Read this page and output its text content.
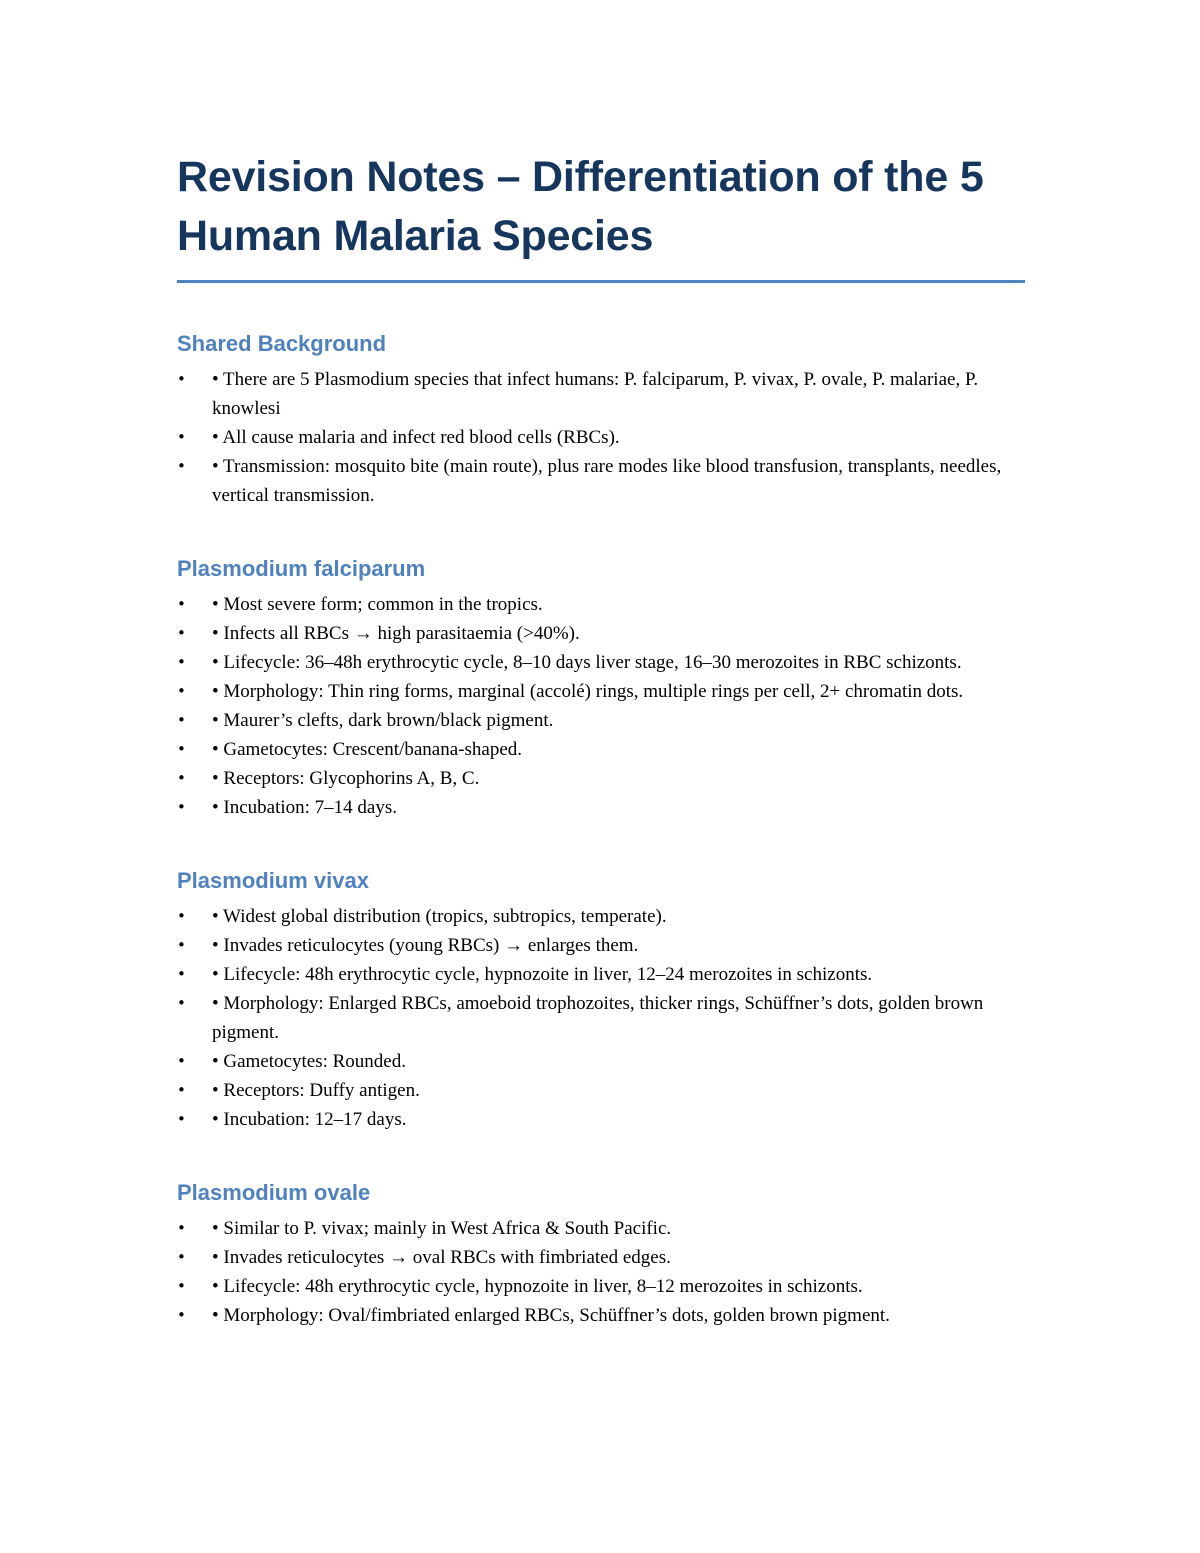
Revision Notes – Differentiation of the 5 Human Malaria Species
Shared Background
• • There are 5 Plasmodium species that infect humans: P. falciparum, P. vivax, P. ovale, P. malariae, P. knowlesi
• • All cause malaria and infect red blood cells (RBCs).
• • Transmission: mosquito bite (main route), plus rare modes like blood transfusion, transplants, needles, vertical transmission.
Plasmodium falciparum
• • Most severe form; common in the tropics.
• • Infects all RBCs → high parasitaemia (>40%).
• • Lifecycle: 36–48h erythrocytic cycle, 8–10 days liver stage, 16–30 merozoites in RBC schizonts.
• • Morphology: Thin ring forms, marginal (accolé) rings, multiple rings per cell, 2+ chromatin dots.
• • Maurer’s clefts, dark brown/black pigment.
• • Gametocytes: Crescent/banana-shaped.
• • Receptors: Glycophorins A, B, C.
• • Incubation: 7–14 days.
Plasmodium vivax
• • Widest global distribution (tropics, subtropics, temperate).
• • Invades reticulocytes (young RBCs) → enlarges them.
• • Lifecycle: 48h erythrocytic cycle, hypnozoite in liver, 12–24 merozoites in schizonts.
• • Morphology: Enlarged RBCs, amoeboid trophozoites, thicker rings, Schüffner’s dots, golden brown pigment.
• • Gametocytes: Rounded.
• • Receptors: Duffy antigen.
• • Incubation: 12–17 days.
Plasmodium ovale
• • Similar to P. vivax; mainly in West Africa & South Pacific.
• • Invades reticulocytes → oval RBCs with fimbriated edges.
• • Lifecycle: 48h erythrocytic cycle, hypnozoite in liver, 8–12 merozoites in schizonts.
• • Morphology: Oval/fimbriated enlarged RBCs, Schüffner’s dots, golden brown pigment.
